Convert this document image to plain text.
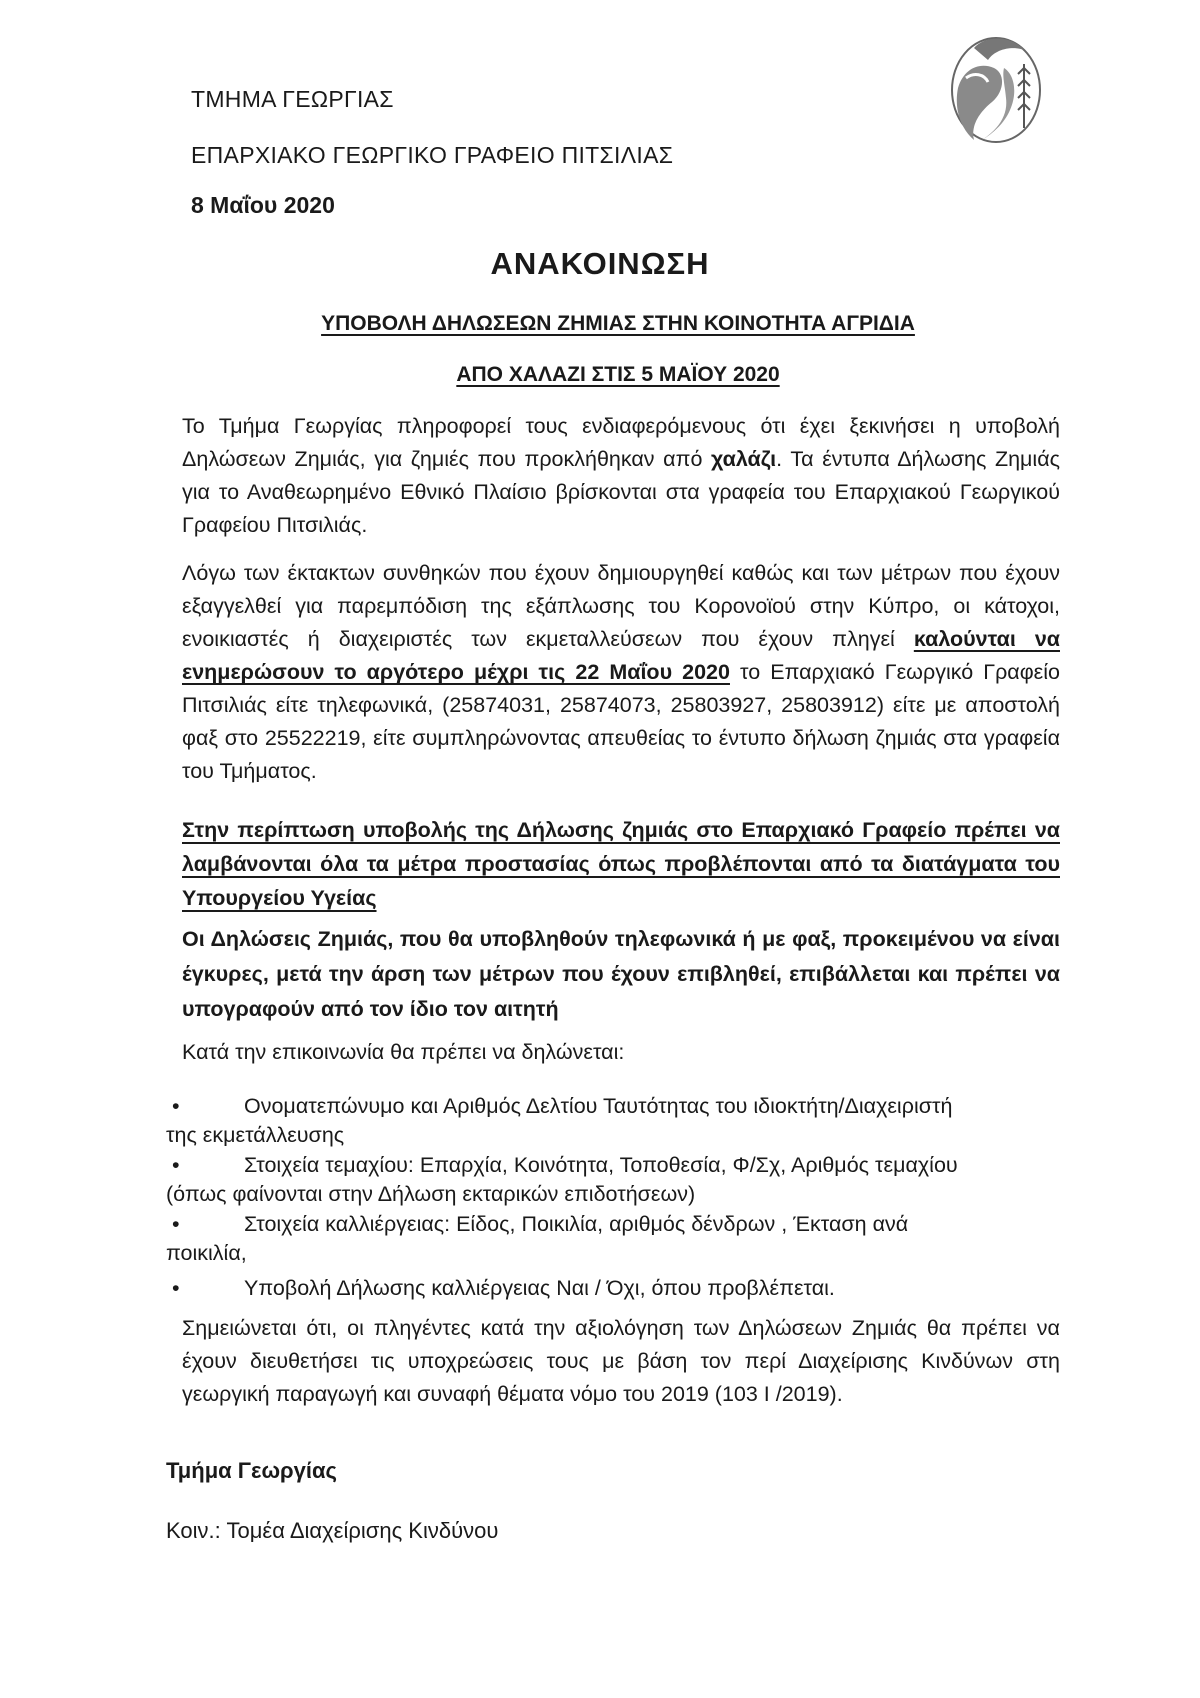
ΤΜΗΜΑ ΓΕΩΡΓΙΑΣ
ΕΠΑΡΧΙΑΚΟ ΓΕΩΡΓΙΚΟ ΓΡΑΦΕΙΟ ΠΙΤΣΙΛΙΑΣ
8 Μαΐου 2020
ΑΝΑΚΟΙΝΩΣΗ
ΥΠΟΒΟΛΗ ΔΗΛΩΣΕΩΝ ΖΗΜΙΑΣ ΣΤΗΝ ΚΟΙΝΟΤΗΤΑ ΑΓΡΙΔΙΑ
ΑΠΟ ΧΑΛΑΖΙ ΣΤΙΣ 5 ΜΑΪΟΥ 2020
Το Τμήμα Γεωργίας πληροφορεί τους ενδιαφερόμενους ότι έχει ξεκινήσει η υποβολή Δηλώσεων Ζημιάς, για ζημιές που προκλήθηκαν από χαλάζι. Τα έντυπα Δήλωσης Ζημιάς για το Αναθεωρημένο Εθνικό Πλαίσιο βρίσκονται στα γραφεία του Επαρχιακού Γεωργικού Γραφείου Πιτσιλιάς.
Λόγω των έκτακτων συνθηκών που έχουν δημιουργηθεί καθώς και των μέτρων που έχουν εξαγγελθεί για παρεμπόδιση της εξάπλωσης του Κορονοϊού στην Κύπρο, οι κάτοχοι, ενοικιαστές ή διαχειριστές των εκμεταλλεύσεων που έχουν πληγεί καλούνται να ενημερώσουν το αργότερο μέχρι τις 22 Μαΐου 2020 το Επαρχιακό Γεωργικό Γραφείο Πιτσιλιάς είτε τηλεφωνικά, (25874031, 25874073, 25803927, 25803912) είτε με αποστολή φαξ στο 25522219, είτε συμπληρώνοντας απευθείας το έντυπο δήλωση ζημιάς στα γραφεία του Τμήματος.
Στην περίπτωση υποβολής της Δήλωσης ζημιάς στο Επαρχιακό Γραφείο πρέπει να λαμβάνονται όλα τα μέτρα προστασίας όπως προβλέπονται από τα διατάγματα του Υπουργείου Υγείας
Οι Δηλώσεις Ζημιάς, που θα υποβληθούν τηλεφωνικά ή με φαξ, προκειμένου να είναι έγκυρες, μετά την άρση των μέτρων που έχουν επιβληθεί, επιβάλλεται και πρέπει να υπογραφούν από τον ίδιο τον αιτητή
Κατά την επικοινωνία θα πρέπει να δηλώνεται:
•	Ονοματεπώνυμο και Αριθμός Δελτίου Ταυτότητας του ιδιοκτήτη/Διαχειριστή
της εκμετάλλευσης
•	Στοιχεία τεμαχίου: Επαρχία, Κοινότητα, Τοποθεσία, Φ/Σχ, Αριθμός τεμαχίου
(όπως φαίνονται στην Δήλωση εκταρικών επιδοτήσεων)
•	Στοιχεία καλλιέργειας: Είδος, Ποικιλία, αριθμός δένδρων , Έκταση ανά
ποικιλία,
•	Υποβολή Δήλωσης καλλιέργειας Ναι / Όχι, όπου προβλέπεται.
Σημειώνεται ότι, οι πληγέντες κατά την αξιολόγηση των Δηλώσεων Ζημιάς θα πρέπει να έχουν διευθετήσει τις υποχρεώσεις τους με βάση τον περί Διαχείρισης Κινδύνων στη γεωργική παραγωγή και συναφή θέματα νόμο του 2019 (103 Ι /2019).
Τμήμα Γεωργίας
Κοιν.: Τομέα Διαχείρισης Κινδύνου
